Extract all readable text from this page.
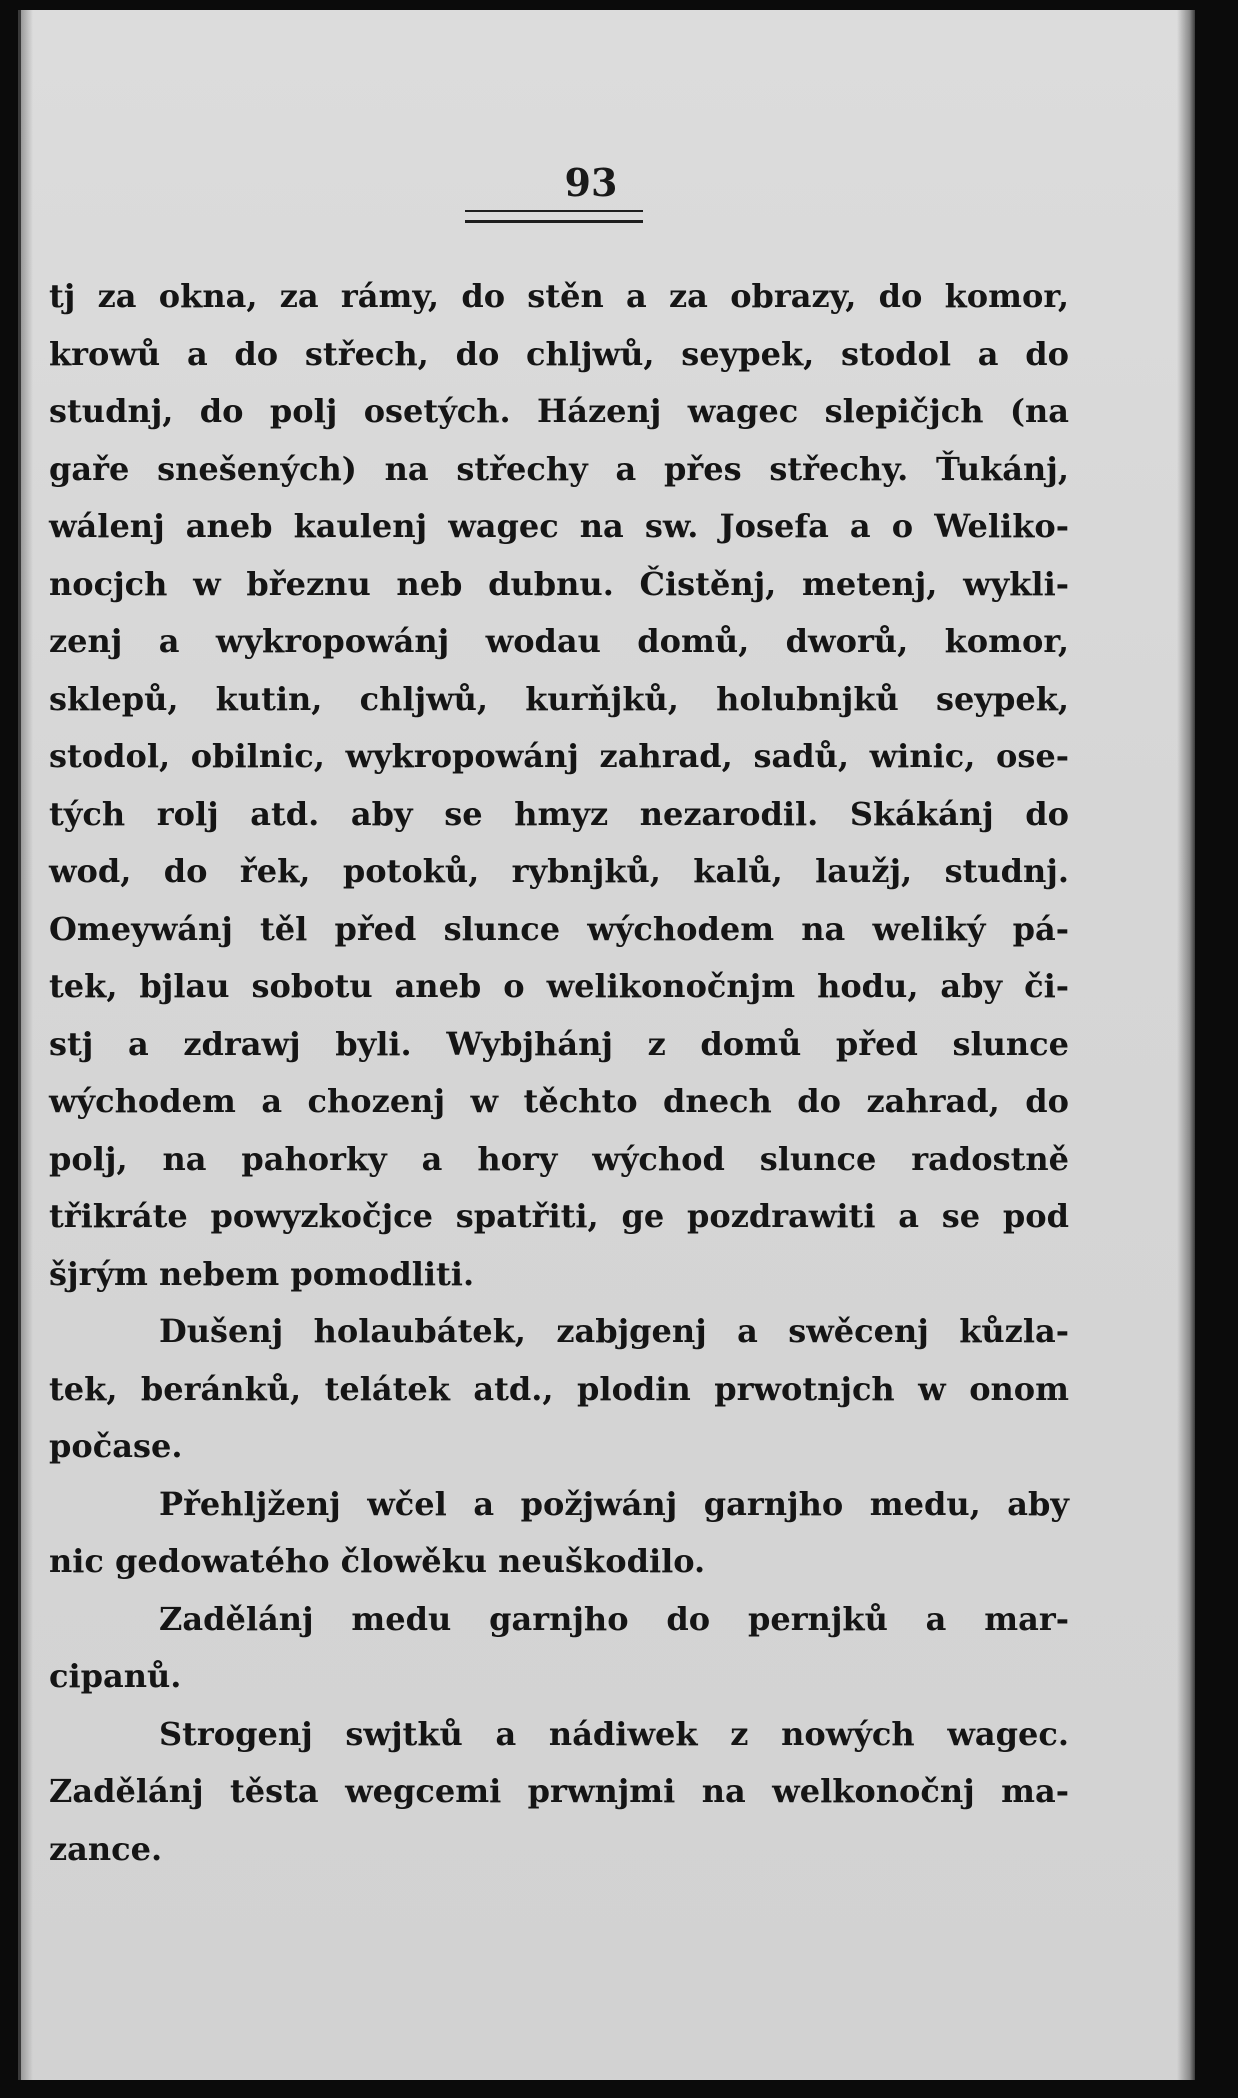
93
tj za okna, za rámy, do stěn a za obrazy, do komor,
krowů a do střech, do chljwů, seypek, stodol a do
studnj, do polj osetých. Házenj wagec slepičjch (na
gaře snešených) na střechy a přes střechy. Ťukánj,
wálenj aneb kaulenj wagec na sw. Josefa a o Weliko-
nocjch w březnu neb dubnu. Čistěnj, metenj, wykli-
zenj a wykropowánj wodau domů, dworů, komor,
sklepů, kutin, chljwů, kurňjků, holubnjků seypek,
stodol, obilnic, wykropowánj zahrad, sadů, winic, ose-
tých rolj atd. aby se hmyz nezarodil. Skákánj do
wod, do řek, potoků, rybnjků, kalů, laužj, studnj.
Omeywánj těl před slunce wýchodem na weliký pá-
tek, bjlau sobotu aneb o welikonočnjm hodu, aby či-
stj a zdrawj byli. Wybjhánj z domů před slunce
wýchodem a chozenj w těchto dnech do zahrad, do
polj, na pahorky a hory wýchod slunce radostně
třikráte powyzkočjce spatřiti, ge pozdrawiti a se pod
šjrým nebem pomodliti.
Dušenj holaubátek, zabjgenj a swěcenj kůzla-
tek, beránků, telátek atd., plodin prwotnjch w onom
počase.
Přehljženj wčel a požjwánj garnjho medu, aby
nic gedowatého člowěku neuškodilo.
Zadělánj medu garnjho do pernjků a mar-
cipanů.
Strogenj swjtků a nádiwek z nowých wagec.
Zadělánj těsta wegcemi prwnjmi na welkonočnj ma-
zance.
